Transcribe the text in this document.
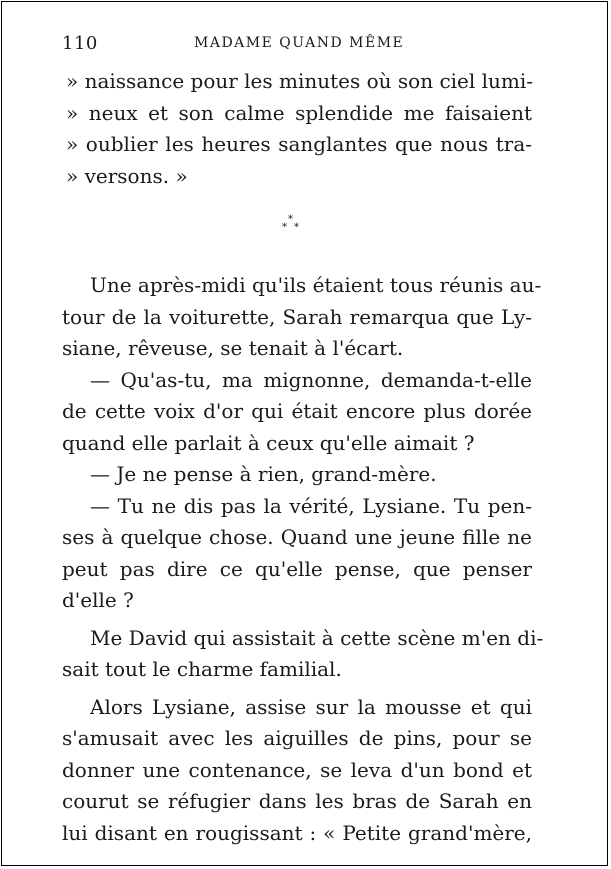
110	MADAME QUAND MÊME
» naissance pour les minutes où son ciel lumi-
» neux et son calme splendide me faisaient
» oublier les heures sanglantes que nous tra-
» versons. »
*
* *
Une après-midi qu'ils étaient tous réunis au-
tour de la voiturette, Sarah remarqua que Ly-
siane, rêveuse, se tenait à l'écart.
— Qu'as-tu, ma mignonne, demanda-t-elle
de cette voix d'or qui était encore plus dorée
quand elle parlait à ceux qu'elle aimait ?
— Je ne pense à rien, grand-mère.
— Tu ne dis pas la vérité, Lysiane. Tu pen-
ses à quelque chose. Quand une jeune fille ne
peut pas dire ce qu'elle pense, que penser
d'elle ?
Me David qui assistait à cette scène m'en di-
sait tout le charme familial.
Alors Lysiane, assise sur la mousse et qui
s'amusait avec les aiguilles de pins, pour se
donner une contenance, se leva d'un bond et
courut se réfugier dans les bras de Sarah en
lui disant en rougissant : « Petite grand'mère,
